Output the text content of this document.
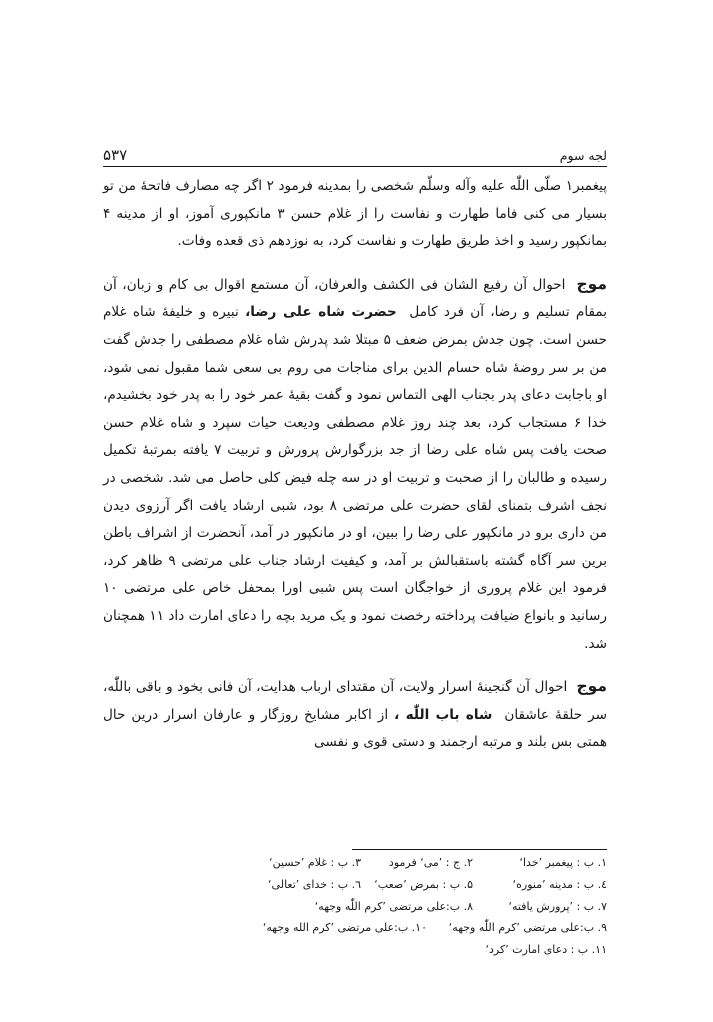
لجه سوم
۵۳۷

پیغمبر۱ صلّی اللّٰه علیه وآله وسلّم شخصی را بمدینه فرمود ۲ اگر چه مصارف فاتحهٔ من تو بسیار می کنی فاما طهارت و نفاست را از غلام حسن ۳ مانکپوری آموز، او از مدینه ۴ بمانکپور رسید و اخذ طریق طهارت و نفاست کرد، به نوزدهم ذی قعده وفات.

موج  احوال آن رفیع الشان فی الکشف والعرفان، آن مستمع اقوال بی کام و زبان، آن بمقام تسلیم و رضا، آن فرد کامل  حضرت شاه علی رضا، نبیره و خلیفهٔ شاه غلام حسن است. چون جدش بمرض ضعف ۵ مبتلا شد پدرش شاه غلام مصطفی را جدش گفت من بر سر روضهٔ شاه حسام الدین برای مناجات می روم بی سعی شما مقبول نمی شود، او باجابت دعای پدر بجناب الهی التماس نمود و گفت بقیهٔ عمر خود را به پدر خود بخشیدم، خدا ۶ مستجاب کرد، بعد چند روز غلام مصطفی ودیعت حیات سپرد و شاه غلام حسن صحت یافت پس شاه علی رضا از جد بزرگوارش پرورش و تربیت ۷ یافته بمرتبهٔ تکمیل رسیده و طالبان را از صحبت و تربیت او در سه چله فیض کلی حاصل می شد. شخصی در نجف اشرف بتمنای لقای حضرت علی مرتضی ۸ بود، شبی ارشاد یافت اگر آرزوی دیدن من داری برو در مانکپور علی رضا را ببین، او در مانکپور در آمد، آنحضرت از اشراف باطن برین سر آگاه گشته باستقبالش بر آمد، و کیفیت ارشاد جناب علی مرتضی ۹ ظاهر کرد، فرمود این غلام پروری از خواجگان است پس شبی اورا بمحفل خاص علی مرتضی ۱۰ رسانید و بانواع ضیافت پرداخته رخصت نمود و یک مرید بچه را دعای امارت داد ۱۱ همچنان شد.

موج  احوال آن گنجینهٔ اسرار ولایت، آن مقتدای ارباب هدایت، آن فانی بخود و باقی باللّٰه، سر حلقهٔ عاشقان  شاه باب اللّٰه ، از اکابر مشایخ روزگار و عارفان اسرار درین حال همتی بس بلند و مرتبه ارجمند و دستی قوی و نفسی

۱. ب : پیغمبر ’خدا‘
۲. ج : ’می‘ فرمود
۳. ب : غلام ’حسین‘
٤. ب : مدینه ’منوره‘
۵. ب : بمرض ’صعب‘
٦. ب : خدای ’تعالی‘
۷. ب : ’پرورش یافته‘
۸. ب:علی مرتضی ’کرم اللّٰه وجهه‘
۹. ب:علی مرتضی ’کرم اللّٰه وجهه‘
۱۰. ب:علی مرتضی ’کرم الله وجهه‘
۱۱. ب : دعای امارت ’کرد‘
